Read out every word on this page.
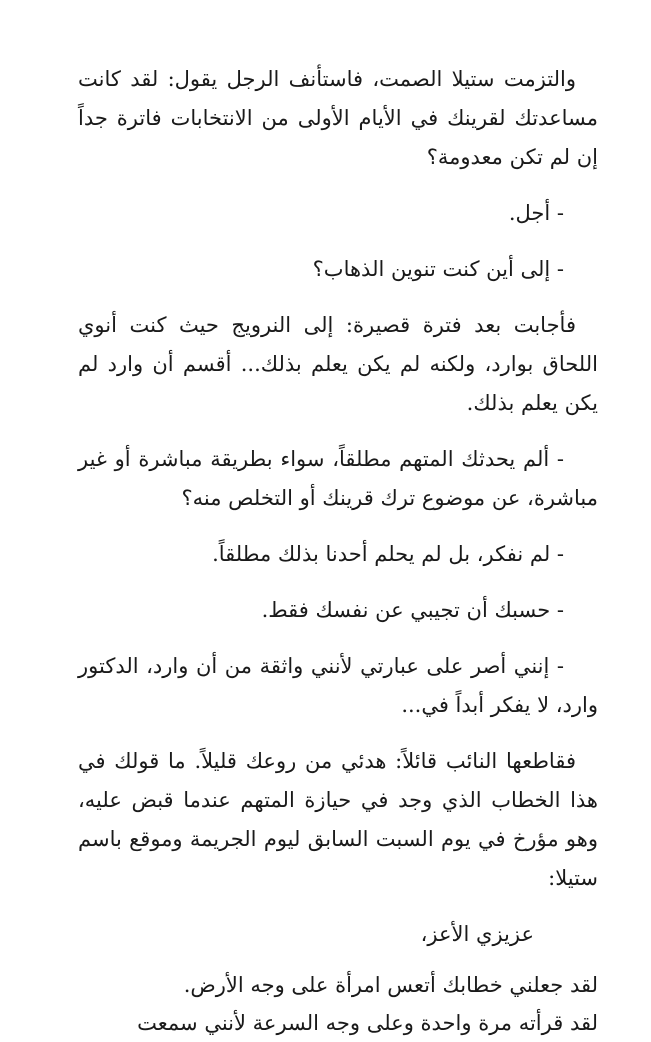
والتزمت ستيلا الصمت، فاستأنف الرجل يقول: لقد كانت مساعدتك لقرينك في الأيام الأولى من الانتخابات فاترة جداً إن لم تكن معدومة؟

- أجل.

- إلى أين كنت تنوين الذهاب؟

فأجابت بعد فترة قصيرة: إلى النرويج حيث كنت أنوي اللحاق بوارد، ولكنه لم يكن يعلم بذلك... أقسم أن وارد لم يكن يعلم بذلك.

- ألم يحدثك المتهم مطلقاً، سواء بطريقة مباشرة أو غير مباشرة، عن موضوع ترك قرينك أو التخلص منه؟

- لم نفكر، بل لم يحلم أحدنا بذلك مطلقاً.

- حسبك أن تجيبي عن نفسك فقط.

- إنني أصر على عبارتي لأنني واثقة من أن وارد، الدكتور وارد، لا يفكر أبداً في...

فقاطعها النائب قائلاً: هدئي من روعك قليلاً. ما قولك في هذا الخطاب الذي وجد في حيازة المتهم عندما قبض عليه، وهو مؤرخ في يوم السبت السابق ليوم الجريمة وموقع باسم ستيلا:

عزيزي الأعز،

لقد جعلني خطابك أتعس امرأة على وجه الأرض.

لقد قرأته مرة واحدة وعلى وجه السرعة لأنني سمعت
